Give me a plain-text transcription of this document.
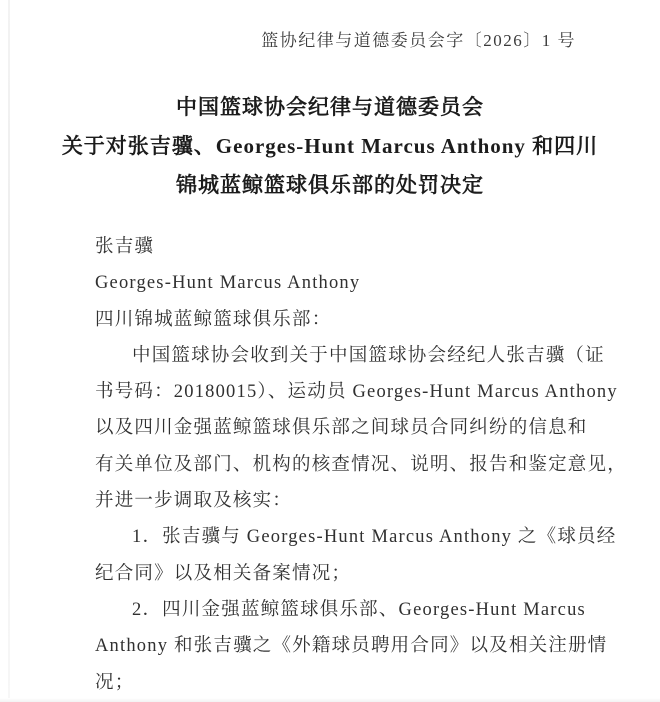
篮协纪律与道德委员会字〔2026〕1 号
中国篮球协会纪律与道德委员会
关于对张吉骥、Georges-Hunt Marcus Anthony 和四川
锦城蓝鲸篮球俱乐部的处罚决定
张吉骥
Georges-Hunt Marcus Anthony
四川锦城蓝鲸篮球俱乐部：
中国篮球协会收到关于中国篮球协会经纪人张吉骥（证
书号码：20180015）、运动员 Georges-Hunt Marcus Anthony
以及四川金强蓝鲸篮球俱乐部之间球员合同纠纷的信息和
有关单位及部门、机构的核查情况、说明、报告和鉴定意见，
并进一步调取及核实：
1．张吉骥与 Georges-Hunt Marcus Anthony 之《球员经
纪合同》以及相关备案情况；
2．四川金强蓝鲸篮球俱乐部、Georges-Hunt Marcus
Anthony 和张吉骥之《外籍球员聘用合同》以及相关注册情
况；
